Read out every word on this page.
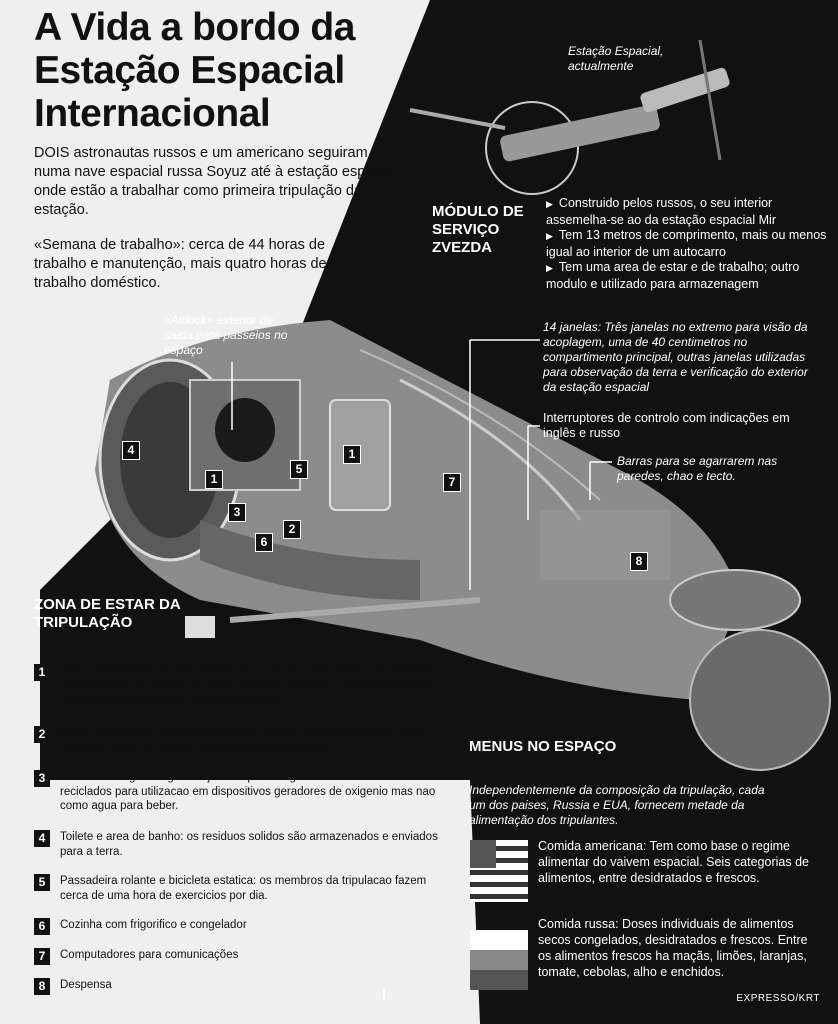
A Vida a bordo da Estação Espacial Internacional
DOIS astronautas russos e um americano seguiram numa nave espacial russa Soyuz até à estação espacial, onde estão a trabalhar como primeira tripulação da estação.
«Semana de trabalho»: cerca de 44 horas de trabalho e manutenção, mais quatro horas de trabalho doméstico.
Estação Espacial, actualmente
MÓDULO DE SERVIÇO ZVEZDA
▶ Construido pelos russos, o seu interior assemelha-se ao da estação espacial Mir
▶ Tem 13 metros de comprimento, mais ou menos igual ao interior de um autocarro
▶ Tem uma area de estar e de trabalho; outro modulo e utilizado para armazenagem
«Airlock» exterior de saida para passeios no espaço
14 janelas: Três janelas no extremo para visão da acoplagem, uma de 40 centimetros no compartimento principal, outras janelas utilizadas para observação da terra e verificação do exterior da estação espacial
Interruptores de controlo com indicações em inglês e russo
Barras para se agarrarem nas paredes, chao e tecto.
1
1
2
3
4
5
6
7
8
ZONA DE ESTAR DA TRIPULAÇÃO
1	Dois compartimentos para dormir: cada um tem uma janela, um painel de comunicacoes e controlo de luzes; para nao deslizar, o astronauta dorme num saco leve de dormir, seguro na parede.
2	Mesa para segurar a comida enquanto comem; tambem utilizada como escritorio, area de trabalho e bancada de reparacoes.
3	Controlo de aguas: Aguas sujas e vapor de agua condensada sao reciclados para utilizacao em dispositivos geradores de oxigenio mas nao como agua para beber.
4	Toilete e area de banho: os residuos solidos são armazenados e enviados para a terra.
5	Passadeira rolante e bicicleta estatica: os membros da tripulacao fazem cerca de uma hora de exercicios por dia.
6	Cozinha com frigorifico e congelador
7	Computadores para comunicações
8	Despensa
MENUS NO ESPAÇO
Independentemente da composição da tripulação, cada um dos paises, Russia e EUA, fornecem metade da alimentação dos tripulantes.
Comida americana: Tem como base o regime alimentar do vaivem espacial. Seis categorias de alimentos, entre desidratados e frescos.
Comida russa: Doses individuais de alimentos secos congelados, desidratados e frescos. Entre os alimentos frescos ha maçãs, limões, laranjas, tomate, cebolas, alho e enchidos.
EXPRESSO/KRT
